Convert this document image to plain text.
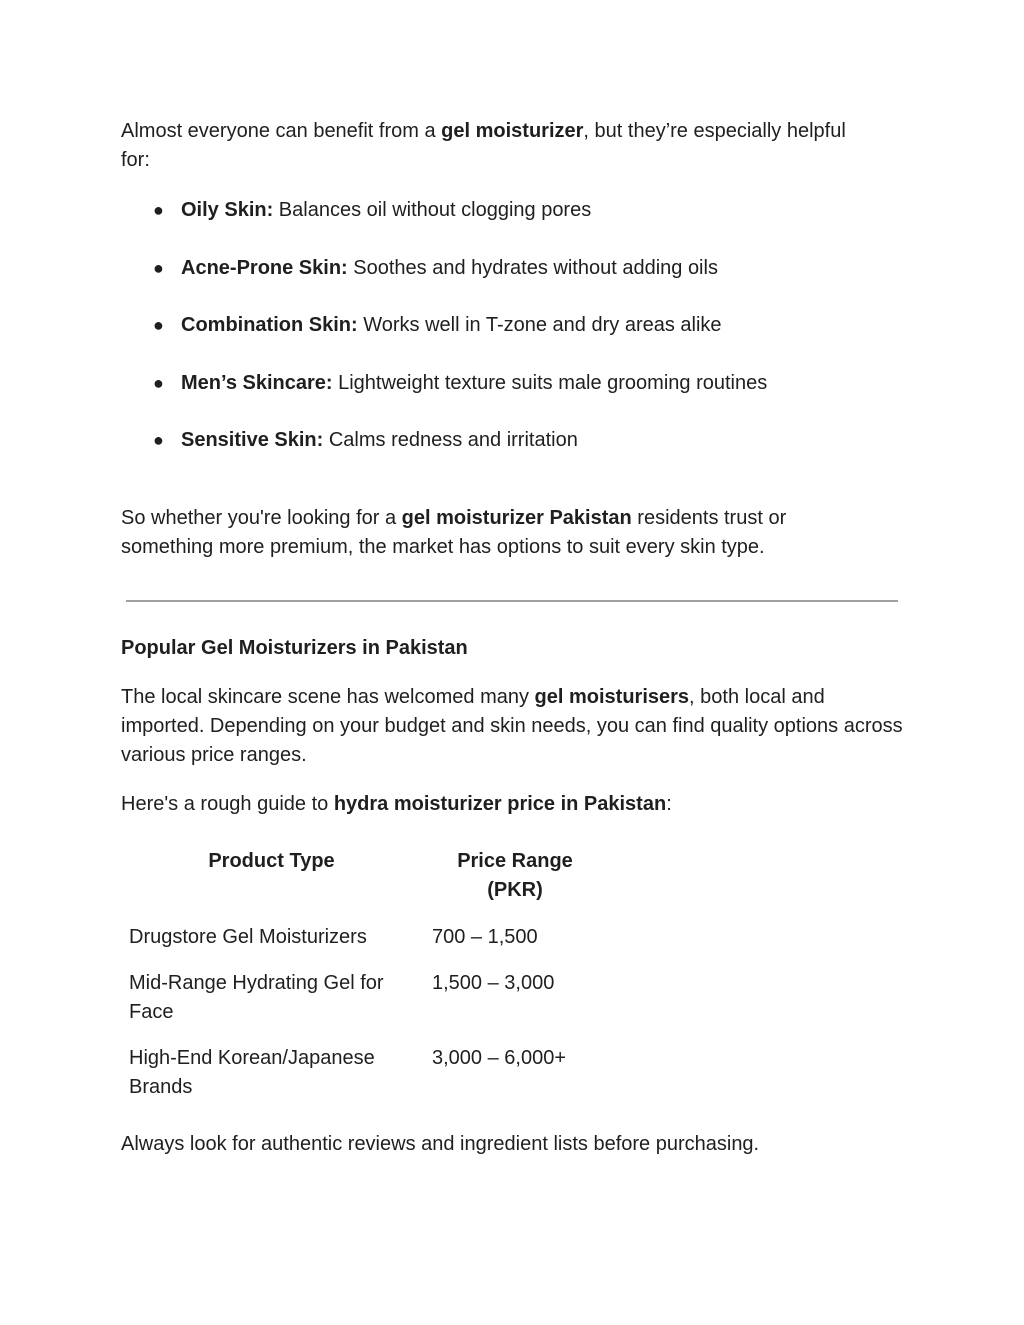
Almost everyone can benefit from a gel moisturizer, but they’re especially helpful for:

● Oily Skin: Balances oil without clogging pores
● Acne-Prone Skin: Soothes and hydrates without adding oils
● Combination Skin: Works well in T-zone and dry areas alike
● Men’s Skincare: Lightweight texture suits male grooming routines
● Sensitive Skin: Calms redness and irritation

So whether you're looking for a gel moisturizer Pakistan residents trust or something more premium, the market has options to suit every skin type.

Popular Gel Moisturizers in Pakistan

The local skincare scene has welcomed many gel moisturisers, both local and imported. Depending on your budget and skin needs, you can find quality options across various price ranges.

Here's a rough guide to hydra moisturizer price in Pakistan:

Product Type	Price Range (PKR)
Drugstore Gel Moisturizers	700 – 1,500
Mid-Range Hydrating Gel for Face
1,500 – 3,000
High-End Korean/Japanese Brands
3,000 – 6,000+

Always look for authentic reviews and ingredient lists before purchasing.
